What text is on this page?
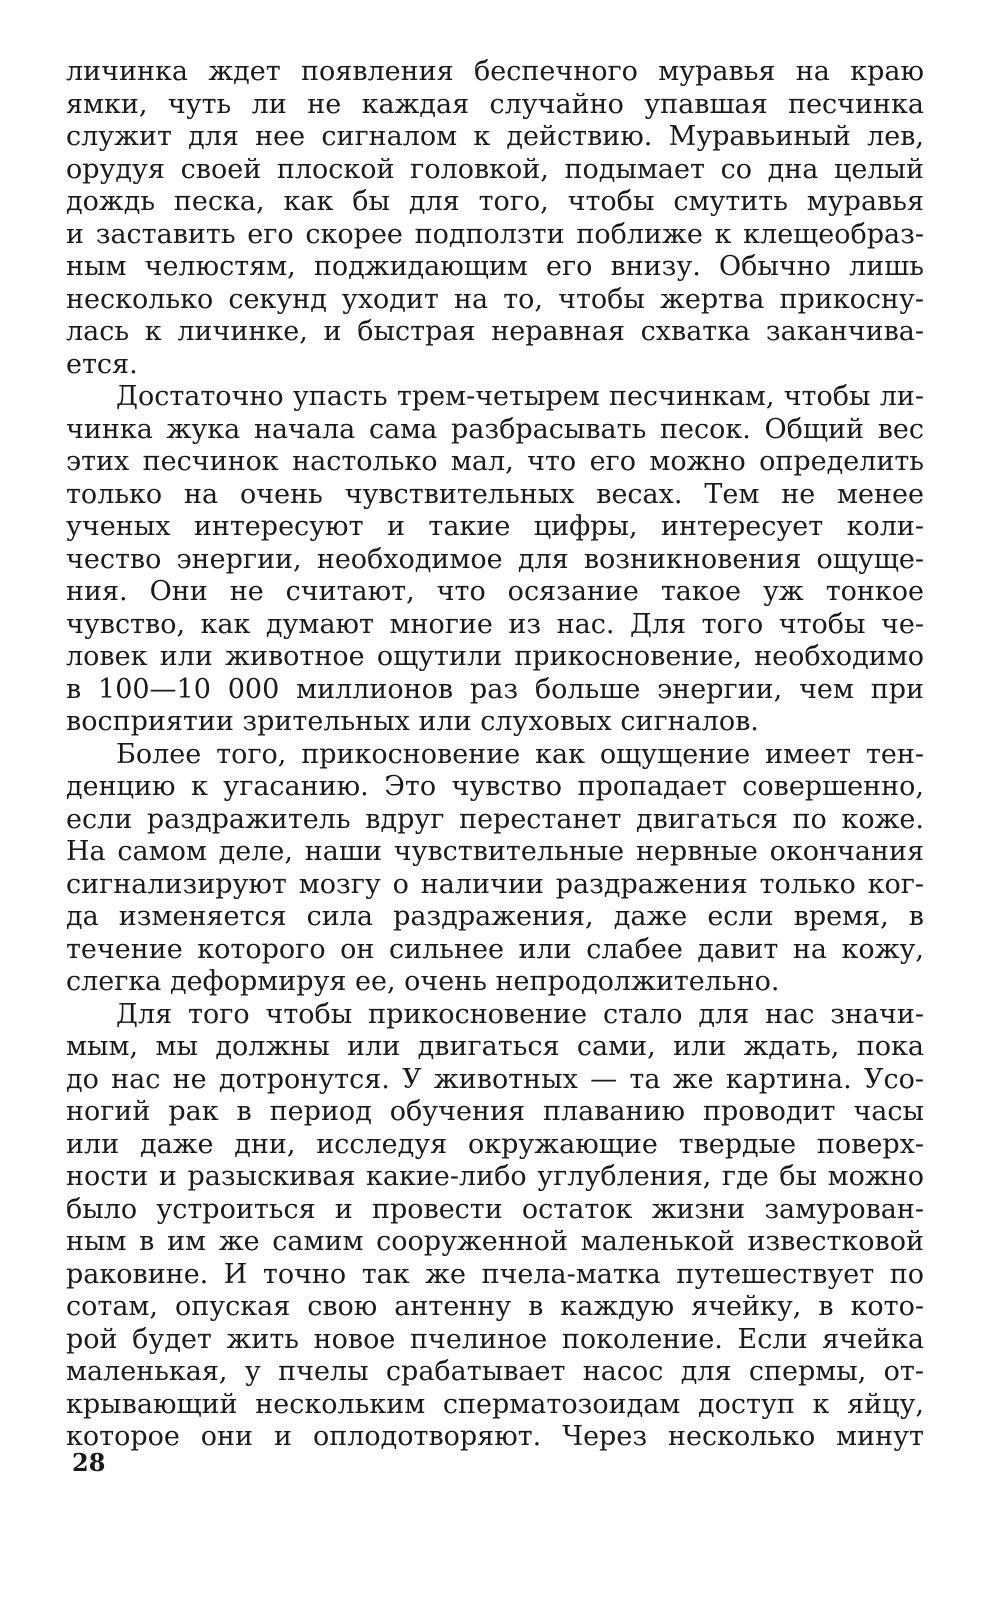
личинка ждет появления беспечного муравья на краю
ямки, чуть ли не каждая случайно упавшая песчинка
служит для нее сигналом к действию. Муравьиный лев,
орудуя своей плоской головкой, подымает со дна целый
дождь песка, как бы для того, чтобы смутить муравья
и заставить его скорее подползти поближе к клещеобраз-
ным челюстям, поджидающим его внизу. Обычно лишь
несколько секунд уходит на то, чтобы жертва прикосну-
лась к личинке, и быстрая неравная схватка заканчива-
ется.
Достаточно упасть трем-четырем песчинкам, чтобы ли-
чинка жука начала сама разбрасывать песок. Общий вес
этих песчинок настолько мал, что его можно определить
только на очень чувствительных весах. Тем не менее
ученых интересуют и такие цифры, интересует коли-
чество энергии, необходимое для возникновения ощуще-
ния. Они не считают, что осязание такое уж тонкое
чувство, как думают многие из нас. Для того чтобы че-
ловек или животное ощутили прикосновение, необходимо
в 100—10 000 миллионов раз больше энергии, чем при
восприятии зрительных или слуховых сигналов.
Более того, прикосновение как ощущение имеет тен-
денцию к угасанию. Это чувство пропадает совершенно,
если раздражитель вдруг перестанет двигаться по коже.
На самом деле, наши чувствительные нервные окончания
сигнализируют мозгу о наличии раздражения только ког-
да изменяется сила раздражения, даже если время, в
течение которого он сильнее или слабее давит на кожу,
слегка деформируя ее, очень непродолжительно.
Для того чтобы прикосновение стало для нас значи-
мым, мы должны или двигаться сами, или ждать, пока
до нас не дотронутся. У животных — та же картина. Усо-
ногий рак в период обучения плаванию проводит часы
или даже дни, исследуя окружающие твердые поверх-
ности и разыскивая какие-либо углубления, где бы можно
было устроиться и провести остаток жизни замурован-
ным в им же самим сооруженной маленькой известковой
раковине. И точно так же пчела-матка путешествует по
сотам, опуская свою антенну в каждую ячейку, в кото-
рой будет жить новое пчелиное поколение. Если ячейка
маленькая, у пчелы срабатывает насос для спермы, от-
крывающий нескольким сперматозоидам доступ к яйцу,
которое они и оплодотворяют. Через несколько минут
28
